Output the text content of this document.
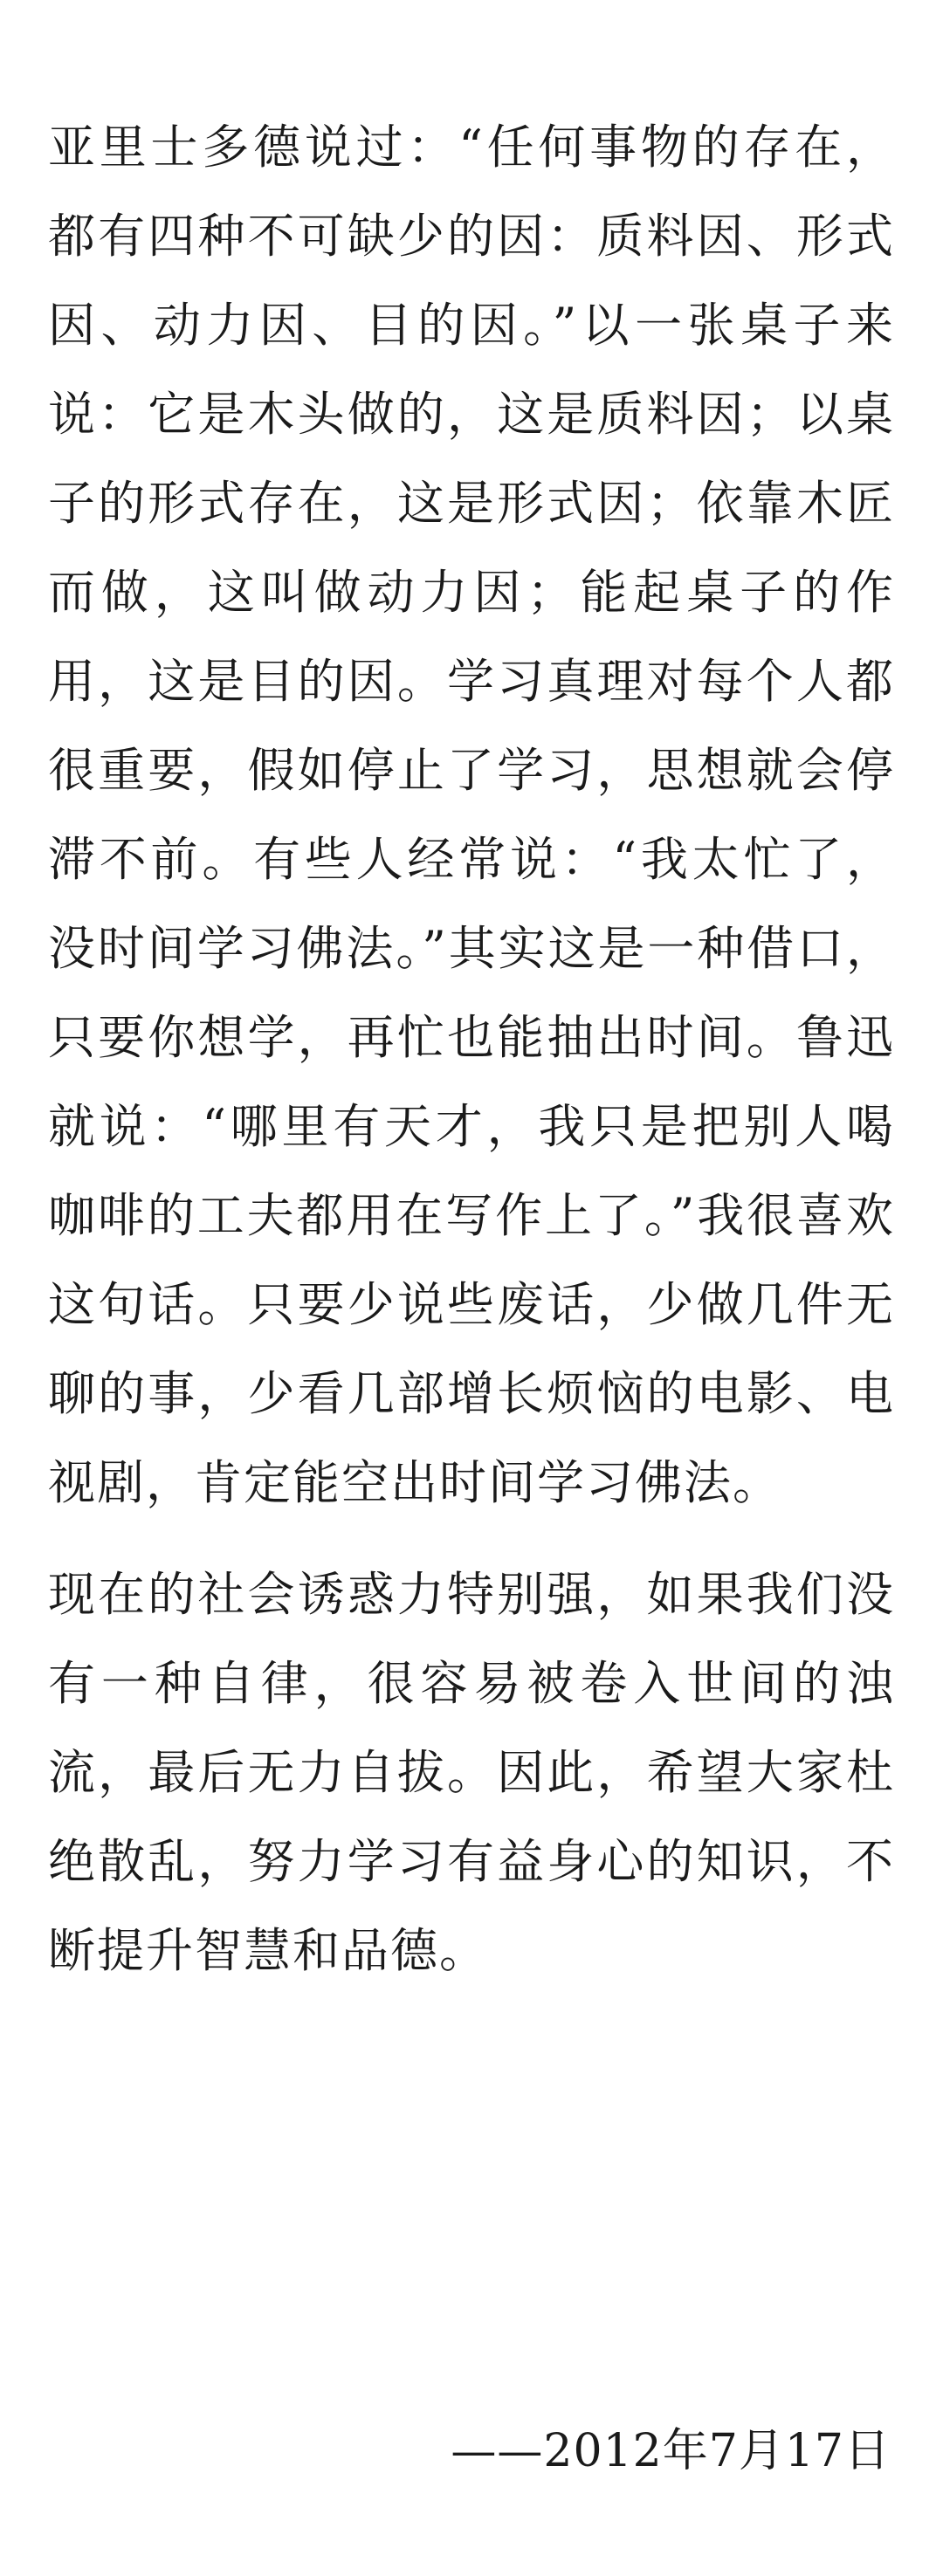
亚里士多德说过：“任何事物的存在，都有四种不可缺少的因：质料因、形式因、动力因、目的因。”以一张桌子来说：它是木头做的，这是质料因；以桌子的形式存在，这是形式因；依靠木匠而做，这叫做动力因；能起桌子的作用，这是目的因。学习真理对每个人都很重要，假如停止了学习，思想就会停滞不前。有些人经常说：“我太忙了，没时间学习佛法。”其实这是一种借口，只要你想学，再忙也能抽出时间。鲁迅就说：“哪里有天才，我只是把别人喝咖啡的工夫都用在写作上了。”我很喜欢这句话。只要少说些废话，少做几件无聊的事，少看几部增长烦恼的电影、电视剧，肯定能空出时间学习佛法。

现在的社会诱惑力特别强，如果我们没有一种自律，很容易被卷入世间的浊流，最后无力自拔。因此，希望大家杜绝散乱，努力学习有益身心的知识，不断提升智慧和品德。

——2012年7月17日
